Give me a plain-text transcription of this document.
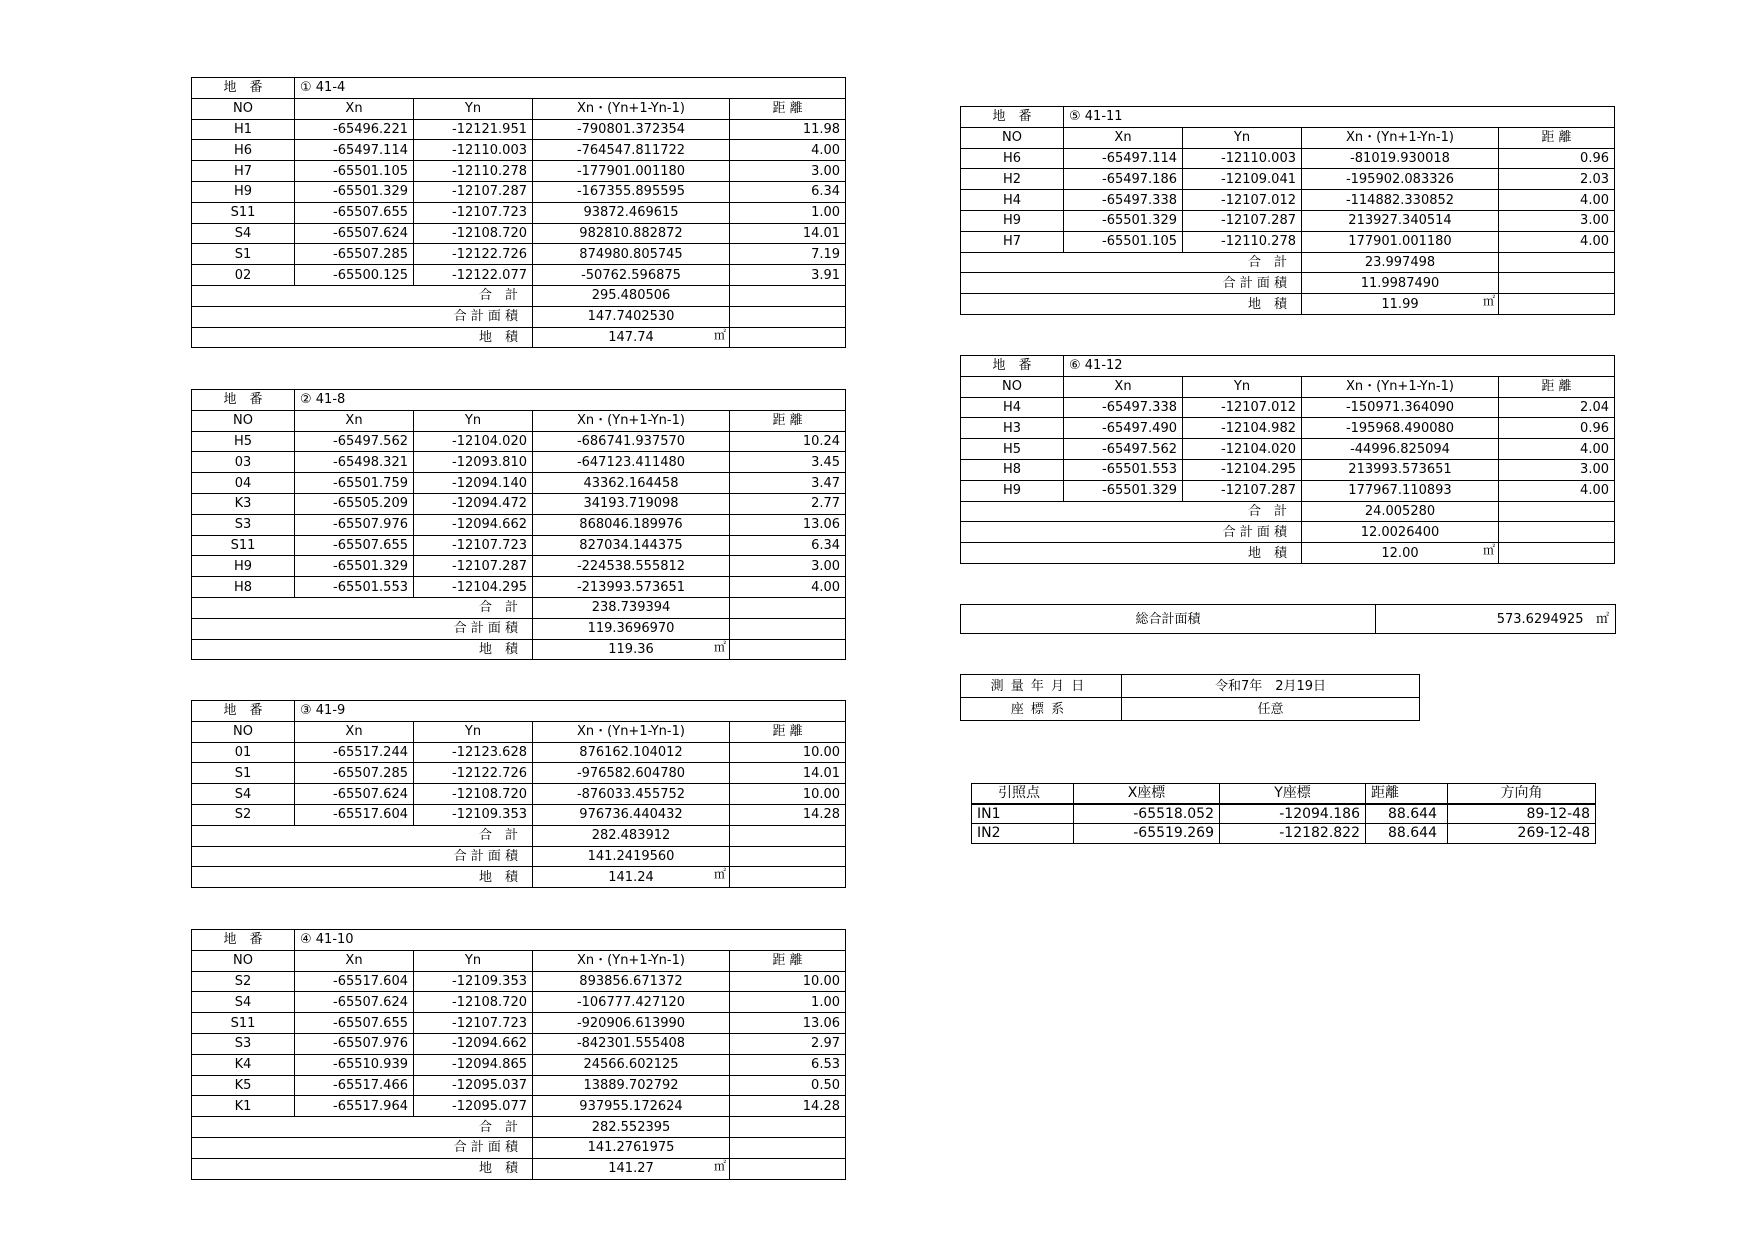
地　番	① 41-4			
NO	Xn	Yn	Xn・(Yn+1-Yn-1)	距 離
H1	-65496.221	-12121.951	-790801.372354	11.98
H6	-65497.114	-12110.003	-764547.811722	4.00
H7	-65501.105	-12110.278	-177901.001180	3.00
H9	-65501.329	-12107.287	-167355.895595	6.34
S11	-65507.655	-12107.723	93872.469615	1.00
S4	-65507.624	-12108.720	982810.882872	14.01
S1	-65507.285	-12122.726	874980.805745	7.19
02	-65500.125	-12122.077	-50762.596875	3.91
合　計			295.480506	
合 計 面 積			147.7402530	
地　積			147.74 ㎡	

地　番	② 41-8			
NO	Xn	Yn	Xn・(Yn+1-Yn-1)	距 離
H5	-65497.562	-12104.020	-686741.937570	10.24
03	-65498.321	-12093.810	-647123.411480	3.45
04	-65501.759	-12094.140	43362.164458	3.47
K3	-65505.209	-12094.472	34193.719098	2.77
S3	-65507.976	-12094.662	868046.189976	13.06
S11	-65507.655	-12107.723	827034.144375	6.34
H9	-65501.329	-12107.287	-224538.555812	3.00
H8	-65501.553	-12104.295	-213993.573651	4.00
合　計			238.739394	
合 計 面 積			119.3696970	
地　積			119.36 ㎡	

地　番	③ 41-9			
NO	Xn	Yn	Xn・(Yn+1-Yn-1)	距 離
01	-65517.244	-12123.628	876162.104012	10.00
S1	-65507.285	-12122.726	-976582.604780	14.01
S4	-65507.624	-12108.720	-876033.455752	10.00
S2	-65517.604	-12109.353	976736.440432	14.28
合　計			282.483912	
合 計 面 積			141.2419560	
地　積			141.24 ㎡	

地　番	④ 41-10			
NO	Xn	Yn	Xn・(Yn+1-Yn-1)	距 離
S2	-65517.604	-12109.353	893856.671372	10.00
S4	-65507.624	-12108.720	-106777.427120	1.00
S11	-65507.655	-12107.723	-920906.613990	13.06
S3	-65507.976	-12094.662	-842301.555408	2.97
K4	-65510.939	-12094.865	24566.602125	6.53
K5	-65517.466	-12095.037	13889.702792	0.50
K1	-65517.964	-12095.077	937955.172624	14.28
合　計			282.552395	
合 計 面 積			141.2761975	
地　積			141.27 ㎡	

地　番	⑤ 41-11			
NO	Xn	Yn	Xn・(Yn+1-Yn-1)	距 離
H6	-65497.114	-12110.003	-81019.930018	0.96
H2	-65497.186	-12109.041	-195902.083326	2.03
H4	-65497.338	-12107.012	-114882.330852	4.00
H9	-65501.329	-12107.287	213927.340514	3.00
H7	-65501.105	-12110.278	177901.001180	4.00
合　計			23.997498	
合 計 面 積			11.9987490	
地　積			11.99 ㎡	

地　番	⑥ 41-12			
NO	Xn	Yn	Xn・(Yn+1-Yn-1)	距 離
H4	-65497.338	-12107.012	-150971.364090	2.04
H3	-65497.490	-12104.982	-195968.490080	0.96
H5	-65497.562	-12104.020	-44996.825094	4.00
H8	-65501.553	-12104.295	213993.573651	3.00
H9	-65501.329	-12107.287	177967.110893	4.00
合　計			24.005280	
合 計 面 積			12.0026400	
地　積			12.00 ㎡	

総合計面積	573.6294925 ㎡
測量年月日	令和7年　2月19日
座標系	任意
引照点	X座標	Y座標	距離	方向角
IN1	-65518.052	-12094.186	88.644	89-12-48
IN2	-65519.269	-12182.822	88.644	269-12-48
